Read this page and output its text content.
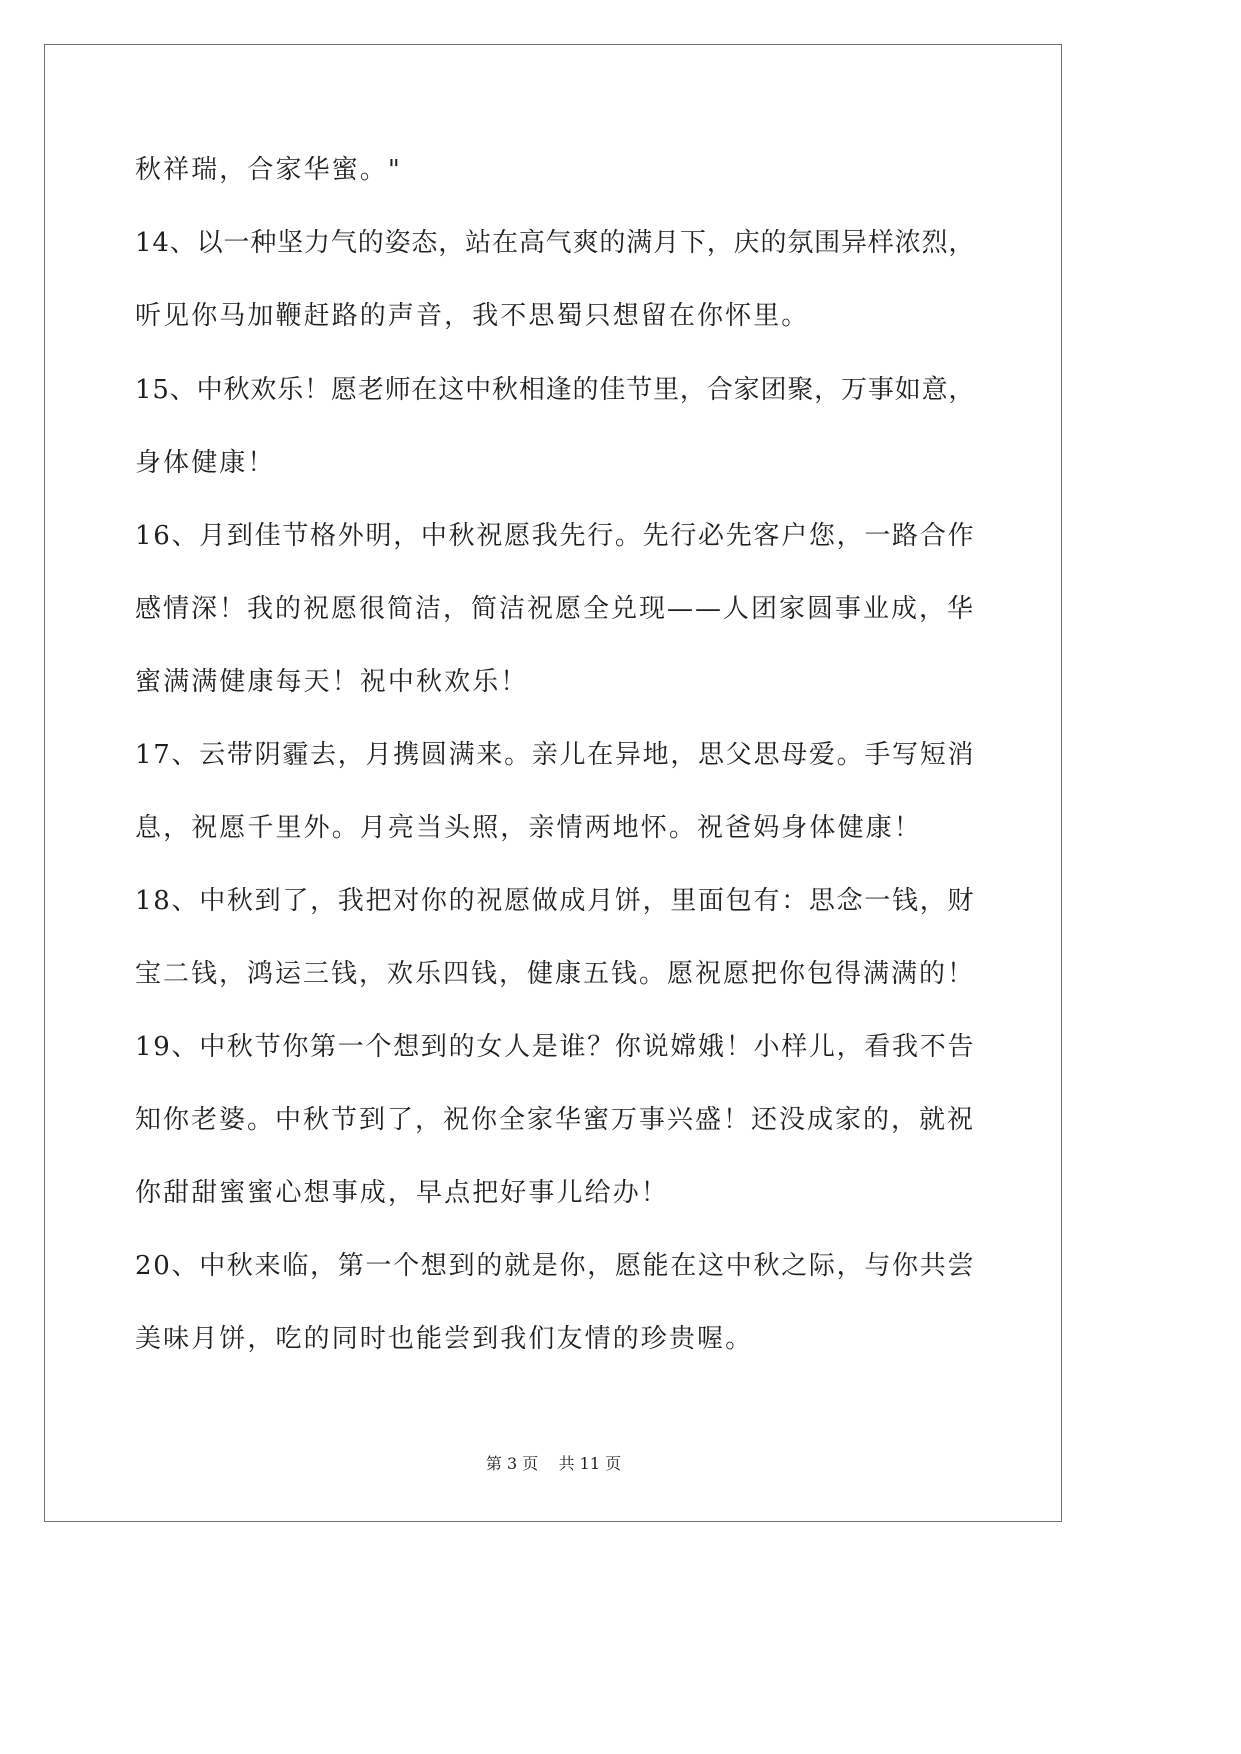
秋祥瑞，合家华蜜。"

14、以一种坚力气的姿态，站在高气爽的满月下，庆的氛围异样浓烈，

听见你马加鞭赶路的声音，我不思蜀只想留在你怀里。

15、中秋欢乐！愿老师在这中秋相逢的佳节里，合家团聚，万事如意，

身体健康！

16、月到佳节格外明，中秋祝愿我先行。先行必先客户您，一路合作

感情深！我的祝愿很简洁，简洁祝愿全兑现——人团家圆事业成，华

蜜满满健康每天！祝中秋欢乐！

17、云带阴霾去，月携圆满来。亲儿在异地，思父思母爱。手写短消

息，祝愿千里外。月亮当头照，亲情两地怀。祝爸妈身体健康！

18、中秋到了，我把对你的祝愿做成月饼，里面包有：思念一钱，财

宝二钱，鸿运三钱，欢乐四钱，健康五钱。愿祝愿把你包得满满的！

19、中秋节你第一个想到的女人是谁？你说嫦娥！小样儿，看我不告

知你老婆。中秋节到了，祝你全家华蜜万事兴盛！还没成家的，就祝

你甜甜蜜蜜心想事成，早点把好事儿给办！

20、中秋来临，第一个想到的就是你，愿能在这中秋之际，与你共尝

美味月饼，吃的同时也能尝到我们友情的珍贵喔。

第 3 页    共 11 页
